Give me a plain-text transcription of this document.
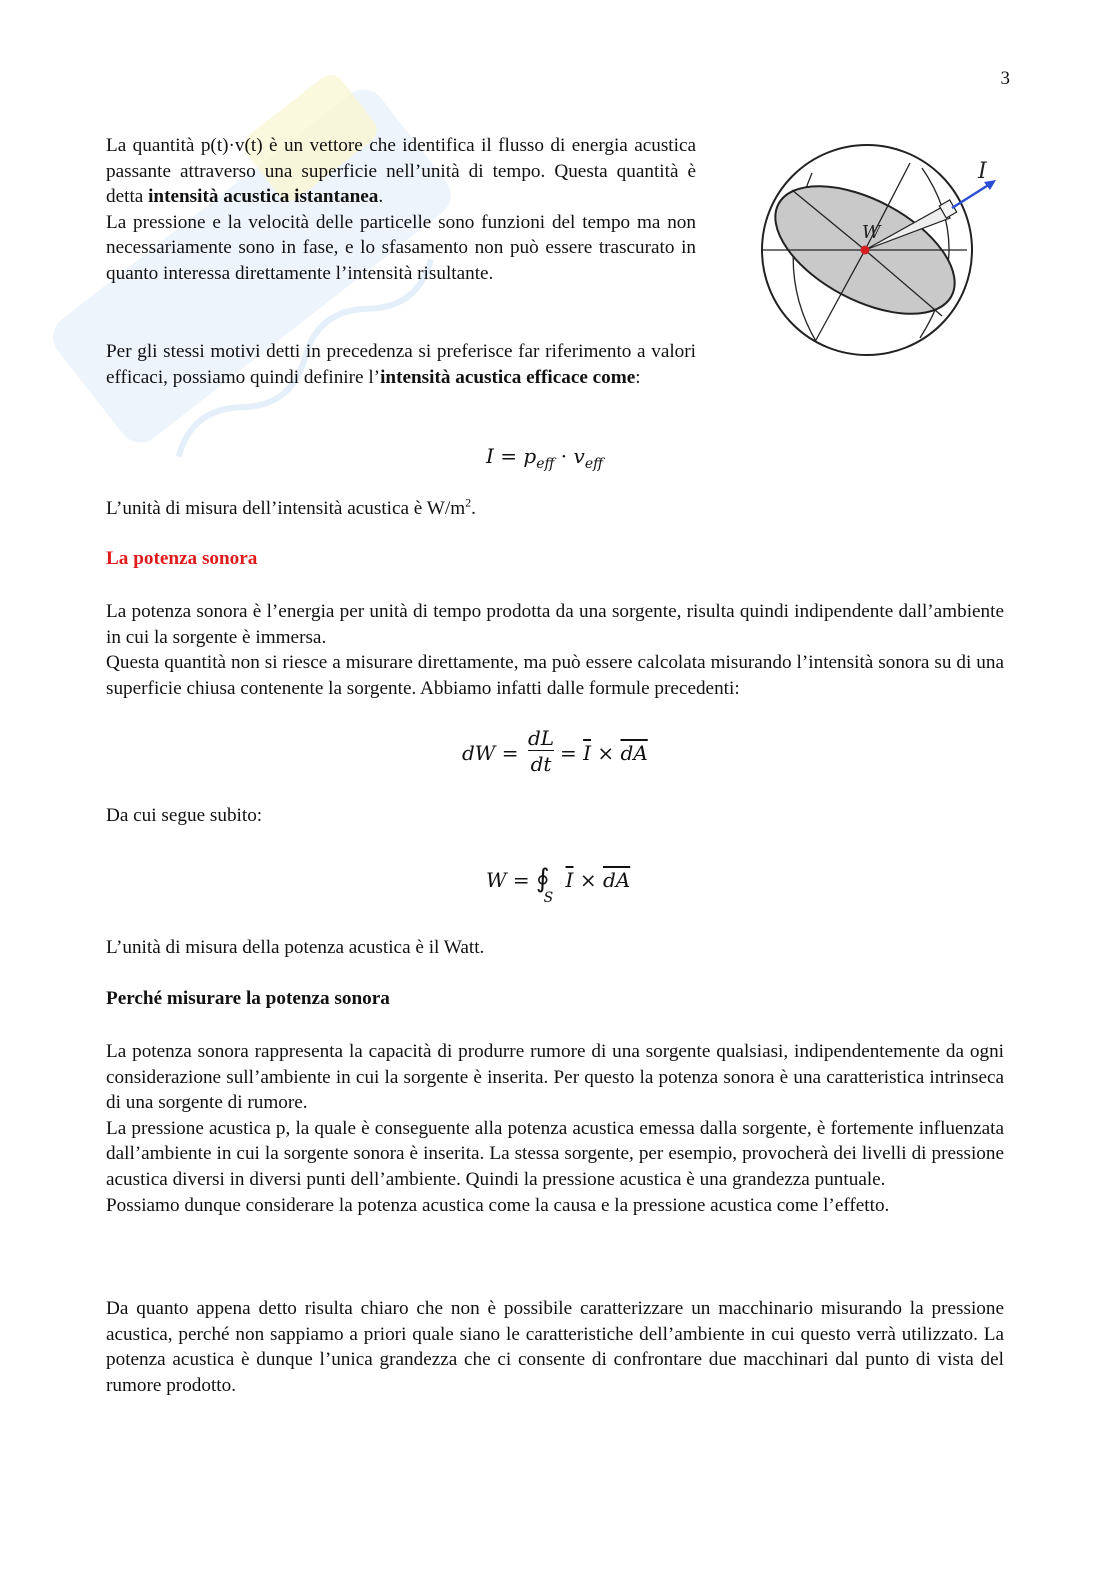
3

La quantità p(t)·v(t) è un vettore che identifica il flusso di energia acustica passante attraverso una superficie nell’unità di tempo. Questa quantità è detta intensità acustica istantanea.
La pressione e la velocità delle particelle sono funzioni del tempo ma non necessariamente sono in fase, e lo sfasamento non può essere trascurato in quanto interessa direttamente l’intensità risultante.

Per gli stessi motivi detti in precedenza si preferisce far riferimento a valori efficaci, possiamo quindi definire l’intensità acustica efficace come:

$I = p_{eff} \cdot v_{eff}$

L’unità di misura dell’intensità acustica è $W/m^2$.

I
W
La potenza sonora

La potenza sonora è l’energia per unità di tempo prodotta da una sorgente, risulta quindi indipendente dall’ambiente in cui la sorgente è immersa.
Questa quantità non si riesce a misurare direttamente, ma può essere calcolata misurando l’intensità sonora su di una superficie chiusa contenente la sorgente. Abbiamo infatti dalle formule precedenti:

dW =
dL
dt = $\overline{I} \times \overline{dA}$

Da cui segue subito:

$W = ∮_S$ $\overline{I} \times \overline{dA}$

L’unità di misura della potenza acustica è il Watt.

Perché misurare la potenza sonora

La potenza sonora rappresenta la capacità di produrre rumore di una sorgente qualsiasi, indipendentemente da ogni considerazione sull’ambiente in cui la sorgente è inserita. Per questo la potenza sonora è una caratteristica intrinseca di una sorgente di rumore.
La pressione acustica p, la quale è conseguente alla potenza acustica emessa dalla sorgente, è fortemente influenzata dall’ambiente in cui la sorgente sonora è inserita. La stessa sorgente, per esempio, provocherà dei livelli di pressione acustica diversi in diversi punti dell’ambiente. Quindi la pressione acustica è una grandezza puntuale.
Possiamo dunque considerare la potenza acustica come la causa e la pressione acustica come l’effetto.

Da quanto appena detto risulta chiaro che non è possibile caratterizzare un macchinario misurando la pressione acustica, perché non sappiamo a priori quale siano le caratteristiche dell’ambiente in cui questo verrà utilizzato. La potenza acustica è dunque l’unica grandezza che ci consente di confrontare due macchinari dal punto di vista del rumore prodotto.
